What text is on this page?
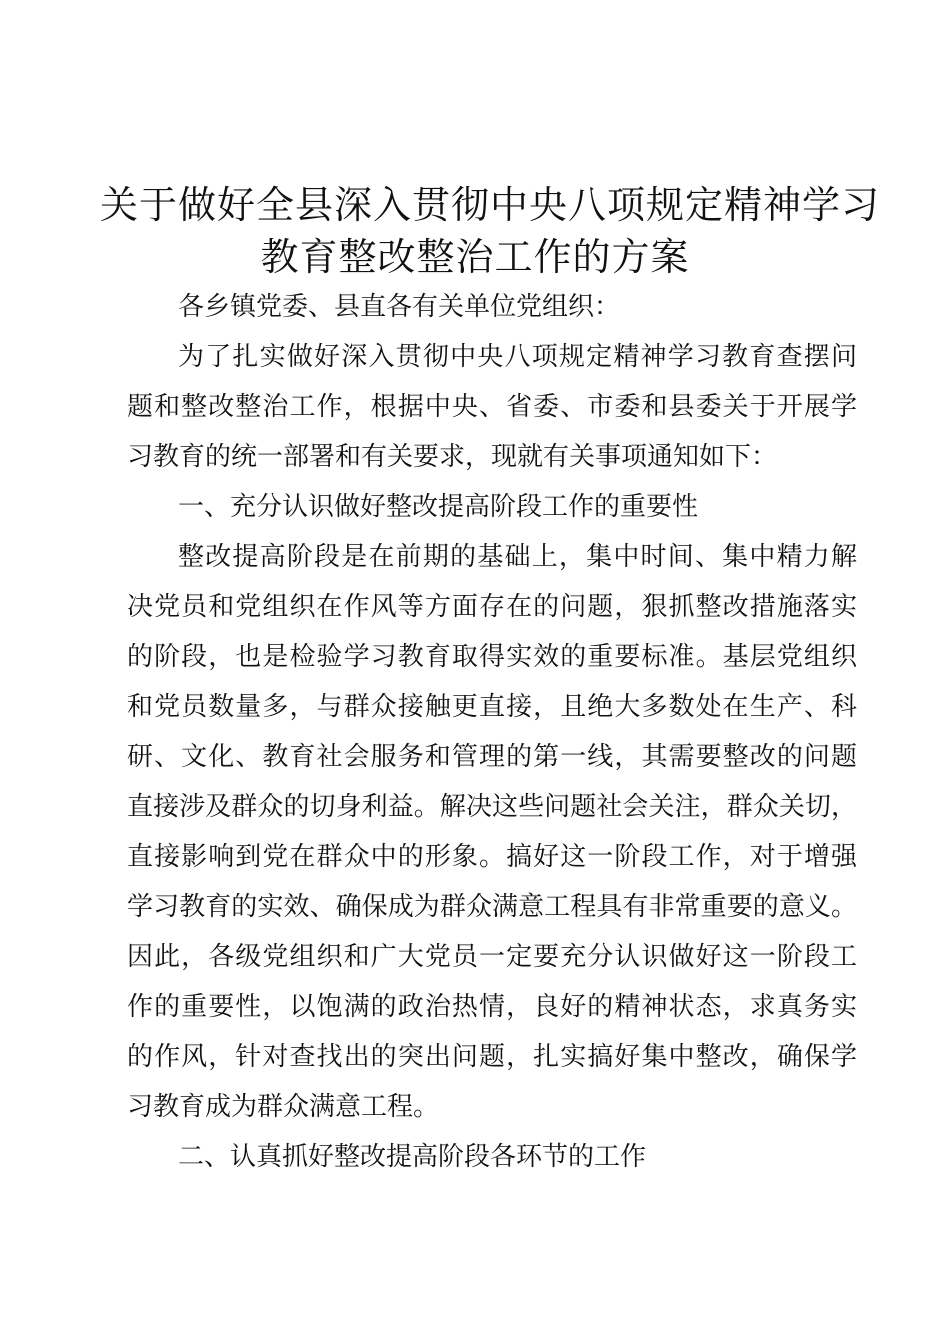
关于做好全县深入贯彻中央八项规定精神学习
教育整改整治工作的方案
各乡镇党委、县直各有关单位党组织：
为了扎实做好深入贯彻中央八项规定精神学习教育查摆问
题和整改整治工作，根据中央、省委、市委和县委关于开展学
习教育的统一部署和有关要求，现就有关事项通知如下：
一、充分认识做好整改提高阶段工作的重要性
整改提高阶段是在前期的基础上，集中时间、集中精力解
决党员和党组织在作风等方面存在的问题，狠抓整改措施落实
的阶段，也是检验学习教育取得实效的重要标准。基层党组织
和党员数量多，与群众接触更直接，且绝大多数处在生产、科
研、文化、教育社会服务和管理的第一线，其需要整改的问题
直接涉及群众的切身利益。解决这些问题社会关注，群众关切，
直接影响到党在群众中的形象。搞好这一阶段工作，对于增强
学习教育的实效、确保成为群众满意工程具有非常重要的意义。
因此，各级党组织和广大党员一定要充分认识做好这一阶段工
作的重要性，以饱满的政治热情，良好的精神状态，求真务实
的作风，针对查找出的突出问题，扎实搞好集中整改，确保学
习教育成为群众满意工程。
二、认真抓好整改提高阶段各环节的工作
